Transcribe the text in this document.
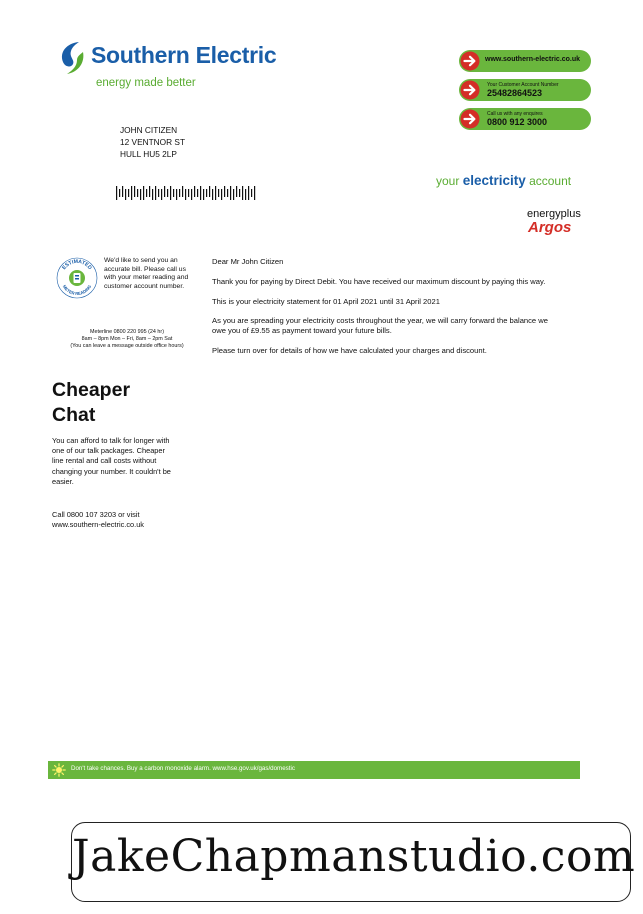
Southern Electric
energy made better
www.southern-electric.co.uk
Your Customer Account Number
25482864523
Call us with any enquires
0800 912 3000
JOHN CITIZEN
12 VENTNOR ST
HULL HU5 2LP
your electricity account
energyplus
Argos
ESTIMATED
METER READING
We'd like to send you an accurate bill. Please call us with your meter reading and customer account number.
Meterline 0800 220 995 (24 hr)
8am – 8pm Mon – Fri, 8am – 2pm Sat
(You can leave a message outside office hours)
Cheaper
Chat
You can afford to talk for longer with one of our talk packages. Cheaper line rental and call costs without changing your number. It couldn't be easier.
Call 0800 107 3203 or visit www.southern-electric.co.uk

Dear Mr John Citizen

Thank you for paying by Direct Debit. You have received our maximum discount by paying this way.

This is your electricity statement for 01 April 2021 until 31 April 2021

As you are spreading your electricity costs throughout the year, we will carry forward the balance we owe you of £9.55 as payment toward your future bills.

Please turn over for details of how we have calculated your charges and discount.

Don't take chances. Buy a carbon monoxide alarm. www.hse.gov.uk/gas/domestic
JakeChapmanstudio.com
